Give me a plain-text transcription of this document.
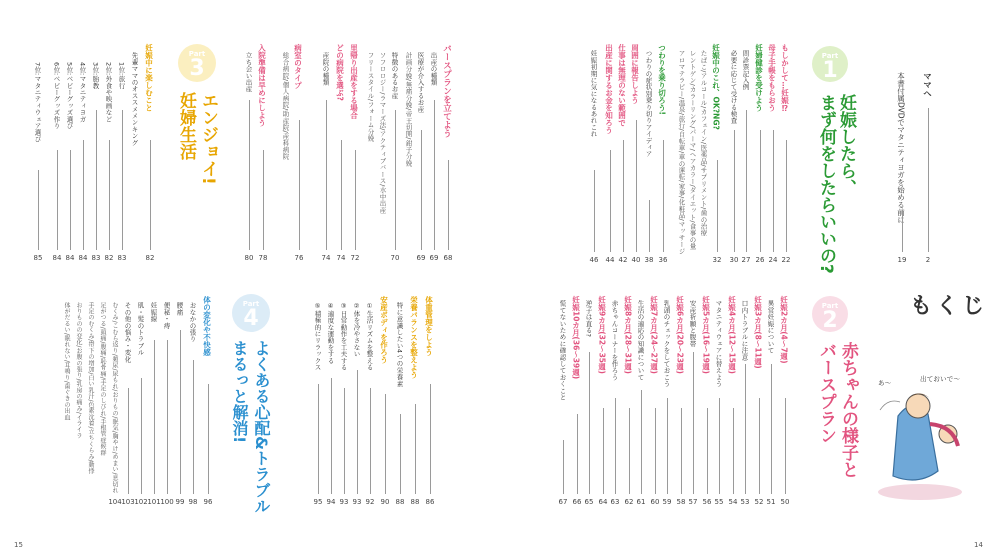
15	14
ママへ
2
本書付属DVDでマタニティヨガを始める前に
19
Part
1
妊娠したら、
まず何をしたらいいの?
もしかして…妊娠⁉
22
母子手帳をもらおう
24
妊婦健診を受けよう
26
問診票記入例
27
必要に応じて受ける検査
30
妊娠中のこれ、OK?NG?
32
たばこ/アルコール/カフェイン/医薬品/サプリメント/歯の治療
レントゲン/カラーリング/パーマ/ヘアカラー/ダイエット/食事の量
アロマテラピー/温泉/旅行/自転車/車の運転/家事/化粧品/マッサージ
つわりを乗り切ろう!
36
つわりの症状別乗り切りアイディア
38
周囲に報告しよう
40
仕事は無理のない範囲で
42
出産に関するお金を知ろう
44
妊娠初期に気になるあれこれ
46
もくじ
あ〜	出ておいで〜
Part
2
赤ちゃんの様子と
バースプラン
妊娠2カ月(4〜7週)
50
異常妊娠について
51
妊娠3カ月(8〜11週)
52
口内トラブルに注意
53
妊娠4カ月(12〜15週)
54
マタニティウェアに替えよう
55
妊娠5カ月(16〜19週)
56
安産祈願と腹帯
57
妊娠6カ月(20〜23週)
58
乳頭のチェックをしておこう
59
妊娠7カ月(24〜27週)
60
生活の適応の知識について
61
妊娠8カ月(28〜31週)
62
赤ちゃんコーナーを作ろう
63
妊娠9カ月(32〜35週)
64
逆子は直る?
65
妊娠10カ月(36〜39週)
66
慌てないために確認しておくこと
67
バースプランを立てよう
68
出産の種類
69
医療が介入するお産
69
計画分娩/無痛分娩/帝王切開/鉗子分娩
特徴のあるお産
70
ソフロロジー/ラマーズ法/アクティブバース/水中出産
フリースタイル/フォーム分娩
里帰り出産をする場合
72
どの病院を選ぶ?
74
産院の種類
74
病室のタイプ
76
総合病院/個人病院/助産院/産科病院
入院準備は早めにしよう
78
立ち会い出産
80
Part
3
エンジョイ!
妊婦生活
妊娠中に楽しむこと
82
先輩ママのオススメメンキング
1位:旅行
83
2位:外食や映画など
82
3位:胎教
83
4位:マタニティヨガ
84
5位:ベビーグッズ選び
84
6位:ベビーグッズ作り
84
7位:マタニティウェア選び
85
Part
4
よくある心配&トラブル
まるっと解消!
体重管理をしよう
86
栄養バランスを整えよう
88
特に意識したい4つの栄養素
88
安産ボディを作ろう
90
①生活リズムを整える
92
②体を冷やさない
93
③日常動作を工夫する
93
④適度な運動をする
94
⑤積極的にリラックス
95
体の変化や不快感
96
おなかの張り
98
腰痛
99
便秘・痔
100
妊娠線
101
肌・髪のトラブル
102
その他の悩み・変化
103
むくみ/こむら返り/頻尿/尿もれ/おりもの/眠気/胸やけ/めまい/息切れ
104
足がつる/頭痛/腹痛/恥骨痛/手足のしびれ/手根管症候群
手足のむくみ/帯下の増加/白い乳汁/色素沈着/立ちくらみ/動悸
おりものの変化/お腹の張り/乳房の痛み/イライラ
体がだるい/眠れない/耳鳴り/歯ぐきの出血
